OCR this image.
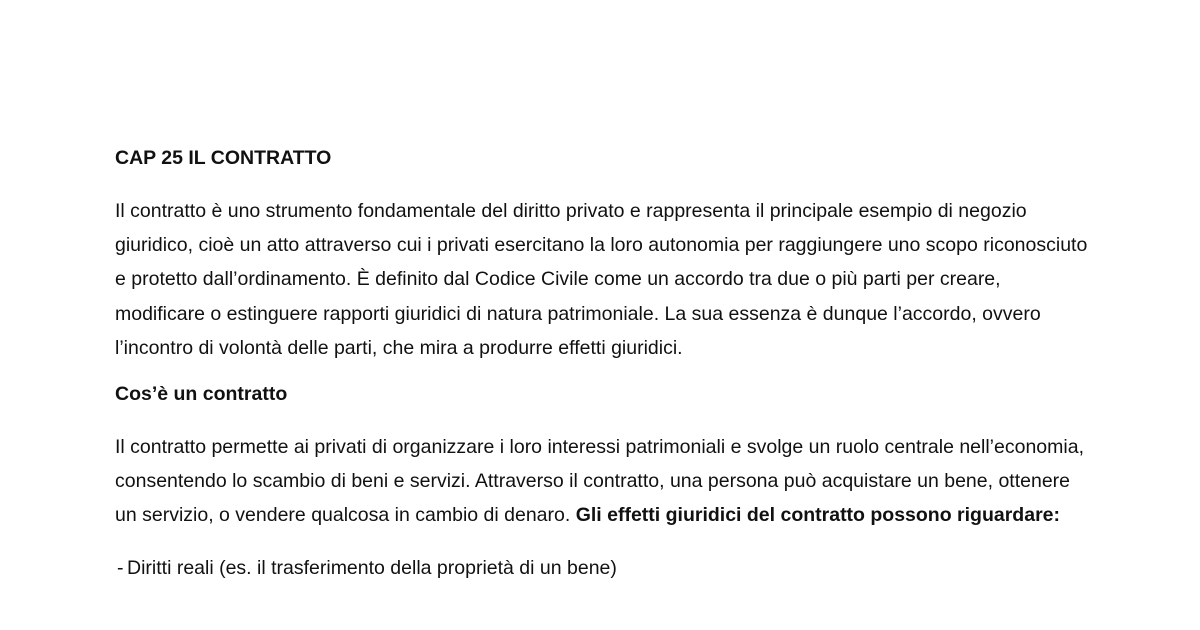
CAP 25 IL CONTRATTO

Il contratto è uno strumento fondamentale del diritto privato e rappresenta il principale esempio di negozio giuridico, cioè un atto attraverso cui i privati esercitano la loro autonomia per raggiungere uno scopo riconosciuto e protetto dall’ordinamento. È definito dal Codice Civile come un accordo tra due o più parti per creare, modificare o estinguere rapporti giuridici di natura patrimoniale. La sua essenza è dunque l’accordo, ovvero l’incontro di volontà delle parti, che mira a produrre effetti giuridici.

Cos’è un contratto

Il contratto permette ai privati di organizzare i loro interessi patrimoniali e svolge un ruolo centrale nell’economia, consentendo lo scambio di beni e servizi. Attraverso il contratto, una persona può acquistare un bene, ottenere un servizio, o vendere qualcosa in cambio di denaro. Gli effetti giuridici del contratto possono riguardare:

- Diritti reali (es. il trasferimento della proprietà di un bene)
